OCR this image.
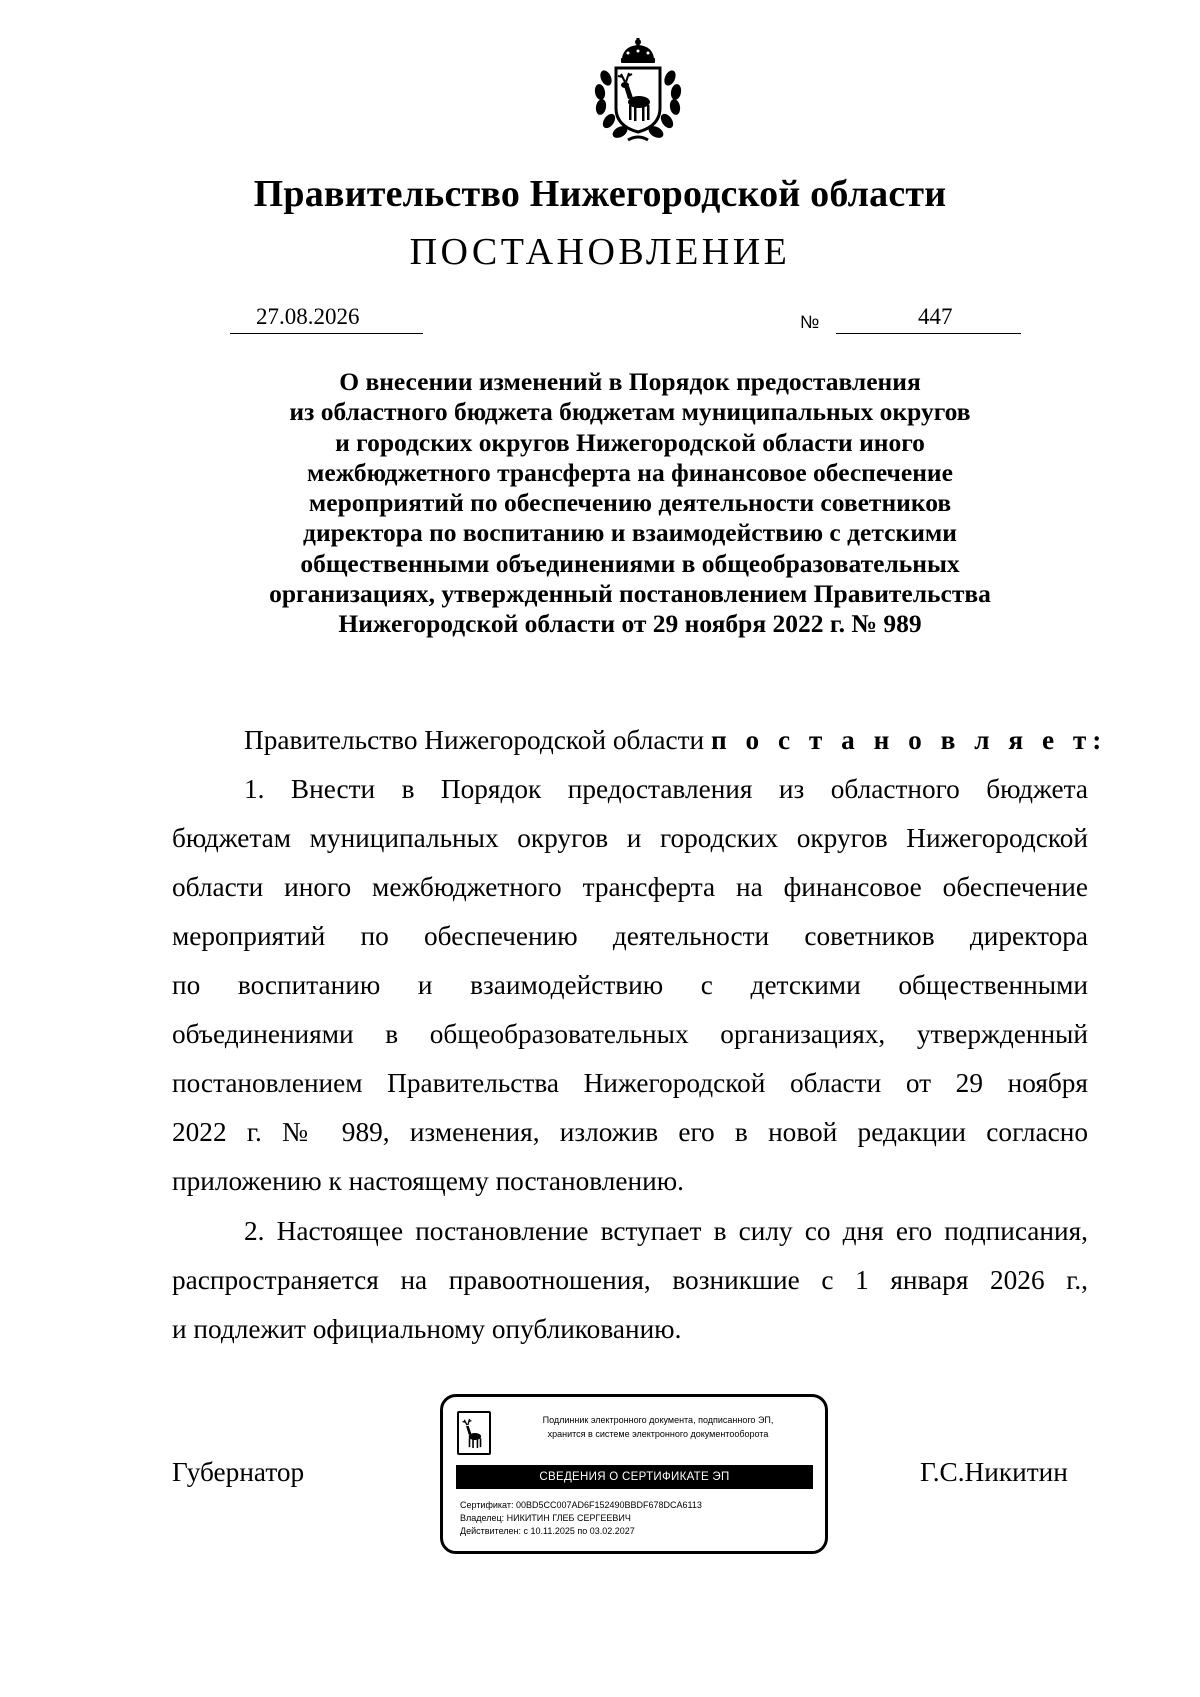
Правительство Нижегородской области
ПОСТАНОВЛЕНИЕ
27.08.2026	№	447
О внесении изменений в Порядок предоставления
из областного бюджета бюджетам муниципальных округов
и городских округов Нижегородской области иного
межбюджетного трансферта на финансовое обеспечение
мероприятий по обеспечению деятельности советников
директора по воспитанию и взаимодействию с детскими
общественными объединениями в общеобразовательных
организациях, утвержденный постановлением Правительства
Нижегородской области от 29 ноября 2022 г. № 989
Правительство Нижегородской области п о с т а н о в л я е т:
1. Внести в Порядок предоставления из областного бюджета
бюджетам муниципальных округов и городских округов Нижегородской
области иного межбюджетного трансферта на финансовое обеспечение
мероприятий по обеспечению деятельности советников директора
по воспитанию и взаимодействию с детскими общественными
объединениями в общеобразовательных организациях, утвержденный
постановлением Правительства Нижегородской области от 29 ноября
2022 г. № 989, изменения, изложив его в новой редакции согласно
приложению к настоящему постановлению.
2. Настоящее постановление вступает в силу со дня его подписания,
распространяется на правоотношения, возникшие с 1 января 2026 г.,
и подлежит официальному опубликованию.
Губернатор	Г.С.Никитин
Подлинник электронного документа, подписанного ЭП,
хранится в системе электронного документооборота
СВЕДЕНИЯ О СЕРТИФИКАТЕ ЭП
Сертификат: 00BD5CC007AD6F152490BBDF678DCA6113
Владелец: НИКИТИН ГЛЕБ СЕРГЕЕВИЧ
Действителен: с 10.11.2025 по 03.02.2027
